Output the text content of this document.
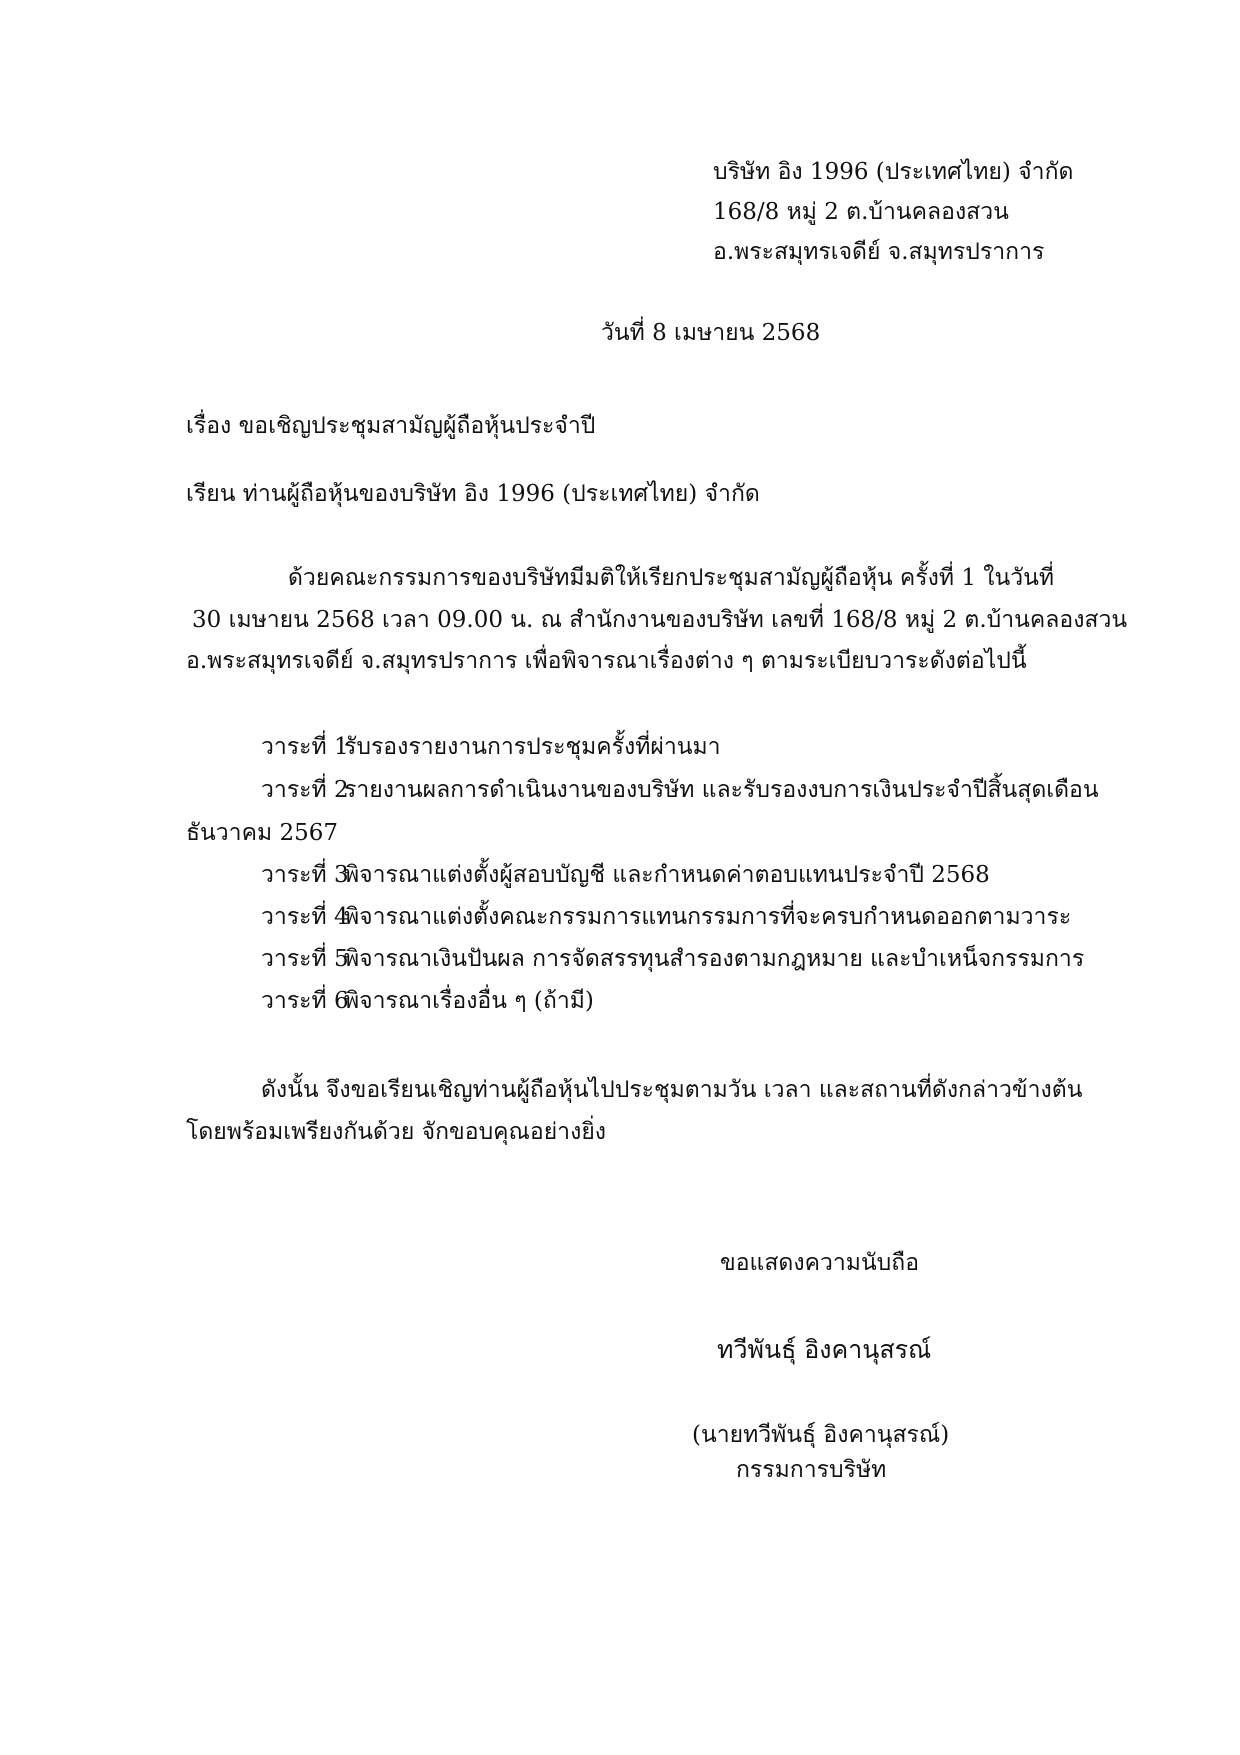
บริษัท อิง 1996 (ประเทศไทย) จำกัด
168/8 หมู่ 2 ต.บ้านคลองสวน
อ.พระสมุทรเจดีย์ จ.สมุทรปราการ
วันที่ 8 เมษายน 2568
เรื่อง ขอเชิญประชุมสามัญผู้ถือหุ้นประจำปี
เรียน ท่านผู้ถือหุ้นของบริษัท อิง 1996 (ประเทศไทย) จำกัด
ด้วยคณะกรรมการของบริษัทมีมติให้เรียกประชุมสามัญผู้ถือหุ้น ครั้งที่ 1 ในวันที่
30 เมษายน 2568 เวลา 09.00 น. ณ สำนักงานของบริษัท เลขที่ 168/8 หมู่ 2 ต.บ้านคลองสวน
อ.พระสมุทรเจดีย์ จ.สมุทรปราการ เพื่อพิจารณาเรื่องต่าง ๆ ตามระเบียบวาระดังต่อไปนี้
วาระที่ 1รับรองรายงานการประชุมครั้งที่ผ่านมา
วาระที่ 2รายงานผลการดำเนินงานของบริษัท และรับรองงบการเงินประจำปีสิ้นสุดเดือน
ธันวาคม 2567
วาระที่ 3พิจารณาแต่งตั้งผู้สอบบัญชี และกำหนดค่าตอบแทนประจำปี 2568
วาระที่ 4พิจารณาแต่งตั้งคณะกรรมการแทนกรรมการที่จะครบกำหนดออกตามวาระ
วาระที่ 5พิจารณาเงินปันผล การจัดสรรทุนสำรองตามกฎหมาย และบำเหน็จกรรมการ
วาระที่ 6พิจารณาเรื่องอื่น ๆ (ถ้ามี)
ดังนั้น จึงขอเรียนเชิญท่านผู้ถือหุ้นไปประชุมตามวัน เวลา และสถานที่ดังกล่าวข้างต้น
โดยพร้อมเพรียงกันด้วย จักขอบคุณอย่างยิ่ง
ขอแสดงความนับถือ
ทวีพันธุ์ อิงคานุสรณ์
(นายทวีพันธุ์ อิงคานุสรณ์)
กรรมการบริษัท
